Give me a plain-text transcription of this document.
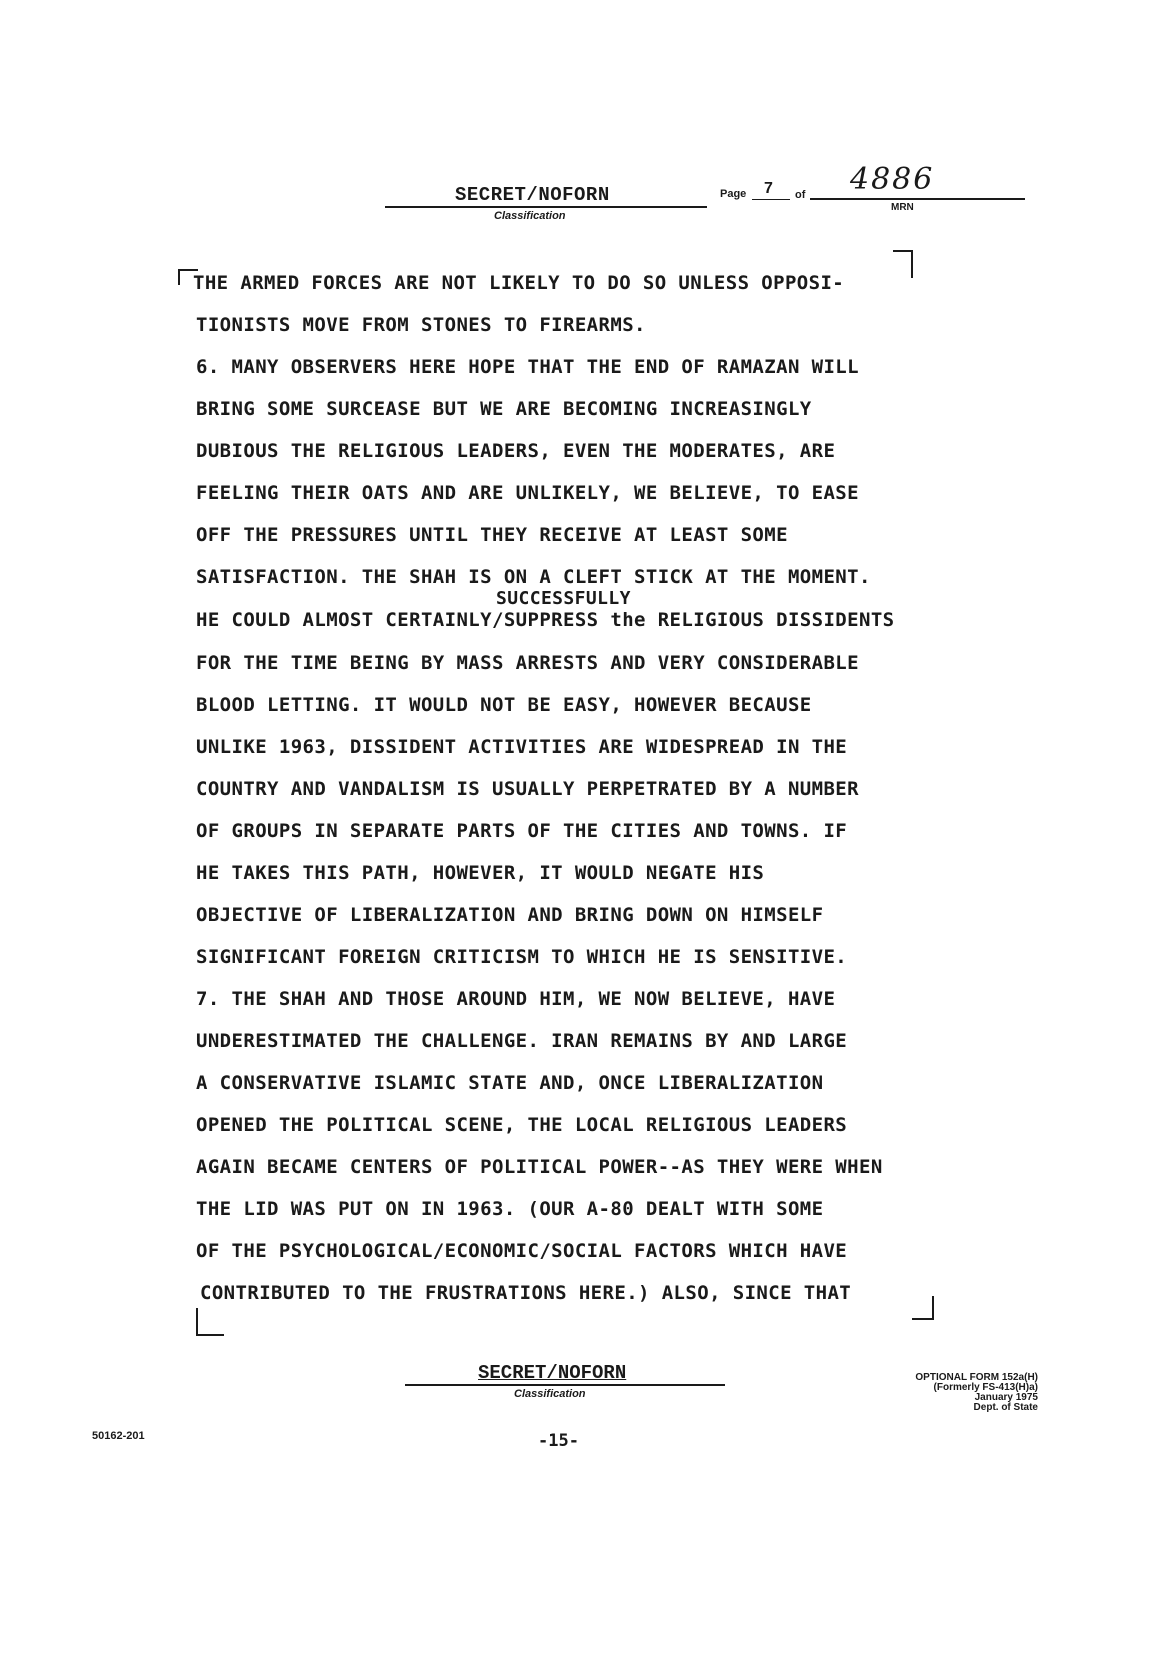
SECRET/NOFORN
Classification
Page 7 of 4886
MRN
THE ARMED FORCES ARE NOT LIKELY TO DO SO UNLESS OPPOSI-
TIONISTS MOVE FROM STONES TO FIREARMS.
6. MANY OBSERVERS HERE HOPE THAT THE END OF RAMAZAN WILL
BRING SOME SURCEASE BUT WE ARE BECOMING INCREASINGLY
DUBIOUS THE RELIGIOUS LEADERS, EVEN THE MODERATES, ARE
FEELING THEIR OATS AND ARE UNLIKELY, WE BELIEVE, TO EASE
OFF THE PRESSURES UNTIL THEY RECEIVE AT LEAST SOME
SATISFACTION. THE SHAH IS ON A CLEFT STICK AT THE MOMENT.
SUCCESSFULLY
HE COULD ALMOST CERTAINLY/SUPPRESS the RELIGIOUS DISSIDENTS
FOR THE TIME BEING BY MASS ARRESTS AND VERY CONSIDERABLE
BLOOD LETTING. IT WOULD NOT BE EASY, HOWEVER BECAUSE
UNLIKE 1963, DISSIDENT ACTIVITIES ARE WIDESPREAD IN THE
COUNTRY AND VANDALISM IS USUALLY PERPETRATED BY A NUMBER
OF GROUPS IN SEPARATE PARTS OF THE CITIES AND TOWNS. IF
HE TAKES THIS PATH, HOWEVER, IT WOULD NEGATE HIS
OBJECTIVE OF LIBERALIZATION AND BRING DOWN ON HIMSELF
SIGNIFICANT FOREIGN CRITICISM TO WHICH HE IS SENSITIVE.
7. THE SHAH AND THOSE AROUND HIM, WE NOW BELIEVE, HAVE
UNDERESTIMATED THE CHALLENGE. IRAN REMAINS BY AND LARGE
A CONSERVATIVE ISLAMIC STATE AND, ONCE LIBERALIZATION
OPENED THE POLITICAL SCENE, THE LOCAL RELIGIOUS LEADERS
AGAIN BECAME CENTERS OF POLITICAL POWER--AS THEY WERE WHEN
THE LID WAS PUT ON IN 1963. (OUR A-80 DEALT WITH SOME
OF THE PSYCHOLOGICAL/ECONOMIC/SOCIAL FACTORS WHICH HAVE
CONTRIBUTED TO THE FRUSTRATIONS HERE.) ALSO, SINCE THAT
SECRET/NOFORN
Classification
OPTIONAL FORM 152a(H)
(Formerly FS-413(H)a)
January 1975
Dept. of State
50162-201	-15-
